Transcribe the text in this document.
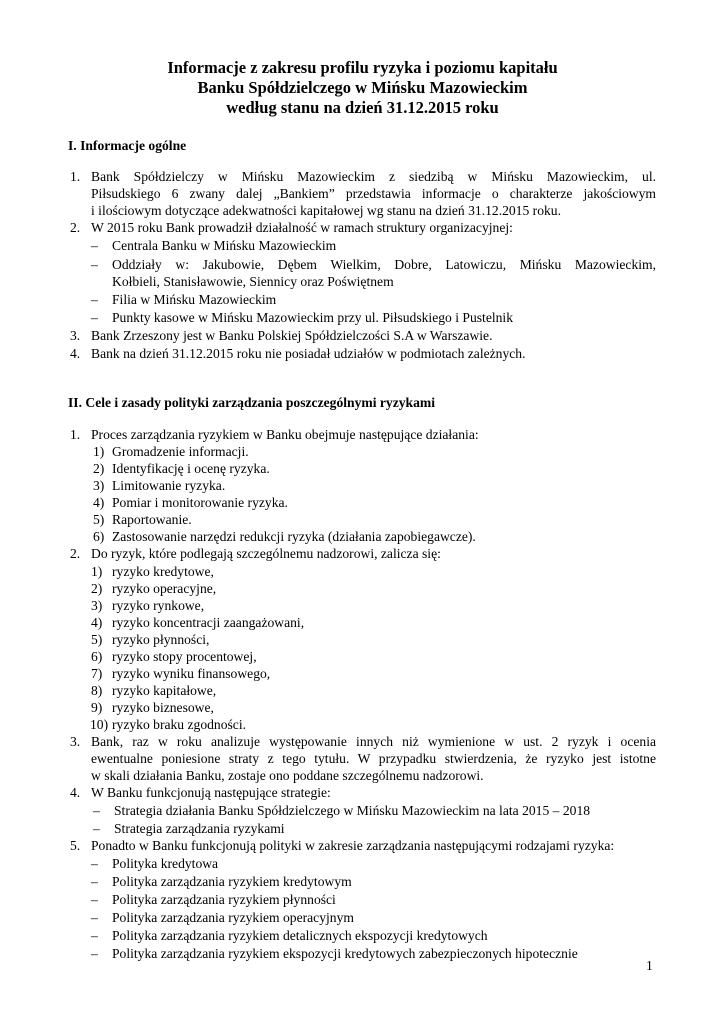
Informacje z zakresu profilu ryzyka i poziomu kapitału
Banku Spółdzielczego w Mińsku Mazowieckim
według stanu na dzień 31.12.2015 roku
I. Informacje ogólne
1. Bank Spółdzielczy w Mińsku Mazowieckim z siedzibą w Mińsku Mazowieckim, ul.
Piłsudskiego 6 zwany dalej „Bankiem” przedstawia informacje o charakterze jakościowym
i ilościowym dotyczące adekwatności kapitałowej wg stanu na dzień 31.12.2015 roku.
2. W 2015 roku Bank prowadził działalność w ramach struktury organizacyjnej:
– Centrala Banku w Mińsku Mazowieckim
– Oddziały w: Jakubowie, Dębem Wielkim, Dobre, Latowiczu, Mińsku Mazowieckim,
Kołbieli, Stanisławowie, Siennicy oraz Poświętnem
– Filia w Mińsku Mazowieckim
– Punkty kasowe w Mińsku Mazowieckim przy ul. Piłsudskiego i Pustelnik
3. Bank Zrzeszony jest w Banku Polskiej Spółdzielczości S.A w Warszawie.
4. Bank na dzień 31.12.2015 roku nie posiadał udziałów w podmiotach zależnych.
II. Cele i zasady polityki zarządzania poszczególnymi ryzykami
1. Proces zarządzania ryzykiem w Banku obejmuje następujące działania:
1) Gromadzenie informacji.
2) Identyfikację i ocenę ryzyka.
3) Limitowanie ryzyka.
4) Pomiar i monitorowanie ryzyka.
5) Raportowanie.
6) Zastosowanie narzędzi redukcji ryzyka (działania zapobiegawcze).
2. Do ryzyk, które podlegają szczególnemu nadzorowi, zalicza się:
1) ryzyko kredytowe,
2) ryzyko operacyjne,
3) ryzyko rynkowe,
4) ryzyko koncentracji zaangażowani,
5) ryzyko płynności,
6) ryzyko stopy procentowej,
7) ryzyko wyniku finansowego,
8) ryzyko kapitałowe,
9) ryzyko biznesowe,
10) ryzyko braku zgodności.
3. Bank, raz w roku analizuje występowanie innych niż wymienione w ust. 2 ryzyk i ocenia
ewentualne poniesione straty z tego tytułu. W przypadku stwierdzenia, że ryzyko jest istotne
w skali działania Banku, zostaje ono poddane szczególnemu nadzorowi.
4. W Banku funkcjonują następujące strategie:
– Strategia działania Banku Spółdzielczego w Mińsku Mazowieckim na lata 2015 – 2018
– Strategia zarządzania ryzykami
5. Ponadto w Banku funkcjonują polityki w zakresie zarządzania następującymi rodzajami ryzyka:
– Polityka kredytowa
– Polityka zarządzania ryzykiem kredytowym
– Polityka zarządzania ryzykiem płynności
– Polityka zarządzania ryzykiem operacyjnym
– Polityka zarządzania ryzykiem detalicznych ekspozycji kredytowych
– Polityka zarządzania ryzykiem ekspozycji kredytowych zabezpieczonych hipotecznie
1
